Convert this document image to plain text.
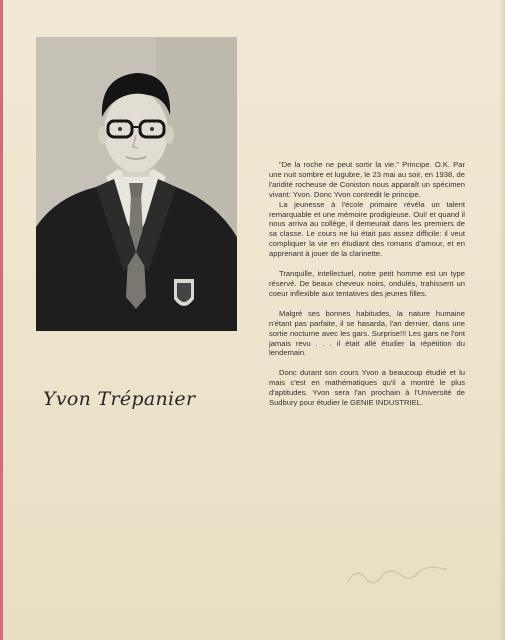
Yvon Trépanier

"De la roche ne peut sortir la vie." Principe. O.K. Par une nuit sombre et lugubre, le 23 mai au soir, en 1938, de l'aridité rocheuse de Coniston nous apparaît un spécimen vivant: Yvon. Donc Yvon contredit le principe.

La jeunesse à l'école primaire révéla un talent remarquable et une mémoire prodigieuse. Oui! et quand il nous arriva au collège, il demeurait dans les premiers de sa classe. Le cours ne lui était pas assez difficile: il veut compliquer la vie en étudiant des romans d'amour, et en apprenant à jouer de la clarinette.

Tranquille, intellectuel, notre petit homme est un type réservé. De beaux cheveux noirs, ondulés, trahissent un coeur inflexible aux tentatives des jeunes filles.

Malgré ses bonnes habitudes, la nature humaine n'étant pas parfaite, il se hasarda, l'an dernier, dans une sortie nocturne avec les gars. Surprise!!! Les gars ne l'ont jamais revu . . . il était allé étudier la répétition du lendemain.

Donc durant son cours Yvon a beaucoup étudié et lu mais c'est en mathématiques qu'il a montré le plus d'aptitudes. Yvon sera l'an prochain à l'Université de Sudbury pour étudier le GENIE INDUSTRIEL.
